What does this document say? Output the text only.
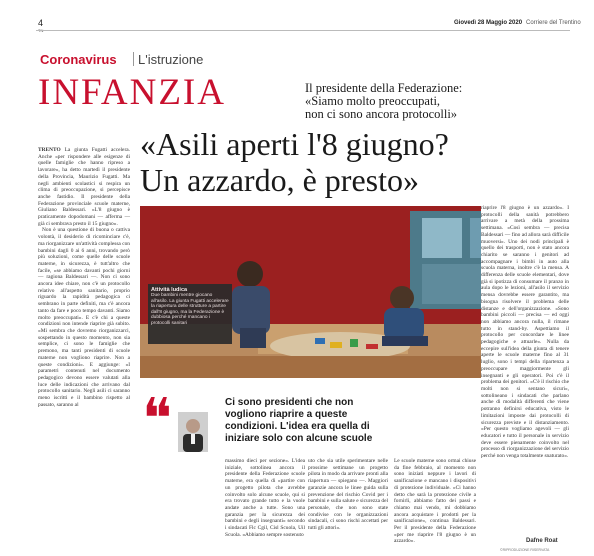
4	Giovedì 28 Maggio 2020 Corriere del Trentino
Coronavirus L'istruzione
INFANZIA	Il presidente della Federazione:
«Siamo molto preoccupati,
non ci sono ancora protocolli»
«Asili aperti l'8 giugno?
Un azzardo, è presto»

TRENTO La giunta Fugatti accelera. Anche «per rispondere alle esigenze di quelle famiglie che hanno ripreso a lavorare», ha detto martedì il presidente della Provincia, Maurizio Fugatti. Ma negli ambienti scolastici si respira un clima di preoccupazione, si percepisce anche fastidio. Il presidente della Federazione provinciale scuole materne, Giuliano Baldessari. «L'8 giugno è praticamente dopodomani — afferma — già ci sembrava presto il 15 giugno».

Non è una questione di buona o cattiva volontà, il desiderio di ricominciare c'è, ma riorganizzare un'attività complessa con bambini dagli 0 ai 6 anni, trovando però più soluzioni, come quelle delle scuole materne, in sicurezza, è tutt'altro che facile, «se abbiamo davanti pochi giorni — ragiona Baldessari —. Non ci sono ancora idee chiare, non c'è un protocollo relativo all'aspetto sanitario, proprio riguardo la rapidità pedagogica ci sembrano in parte definiti, ma c'è ancora tanto da fare e poco tempo davanti. Siamo molto preoccupati». E c'è chi a queste condizioni non intende riaprire già subito. «Mi sembra che dovremo riorganizzarci, sospettando in questo momento, non sia semplice, ci sono le famiglie che premono, ma tanti presidenti di scuole materne non vogliono riaprire. Non a queste condizioni». E aggiunge: «I parametri contenuti nel documento pedagogico devono essere valutati alla luce delle indicazioni che arrivano dal protocollo sanitario. Negli asili ci saranno meno iscritti e il bambino rispetto al passato, saranno al

Attività ludica
Due bambini mentre giocano all'asilo. La giunta Fugatti accelerare la riapertura delle strutture a partire dall'8 giugno, ma la Federazione è dubbiosa perché mancano i protocolli sanitari

riaprire l'8 giugno è un azzardo». I protocolli della sanità potrebbero arrivare a metà della prossima settimana. «Così sembra — precisa Baldessari — fino ad allora sarà difficile muoversi». Uno dei nodi principali è quello dei trasporti, non è stato ancora chiarito se saranno i genitori ad accompagnare i bimbi in auto alla scuola materna, inoltre c'è la mensa. A differenza delle scuole elementari, dove già si ipotizza di consumare il pranzo in aula dopo le lezioni, all'asilo il servizio mensa dovrebbe essere garantito, ma bisogna risolvere il problema delle distanze e dell'organizzazione. «Sono bambini piccoli — precisa — ed oggi non abbiamo ancora nulla, il rimane tutto in stand-by. Aspettiamo il protocollo per concordare le linee pedagogiche e attuarle». Nulla da eccepire sull'idea della giunta di tenere aperte le scuole materne fino al 31 luglio, sono i tempi della ripartenza a preoccupare maggiormente gli insegnanti e gli operatori. Poi c'è il problema dei genitori. «C'è il rischio che molti non si sentano sicuri», sottolineano i sindacati che parlano anche di modalità differenti che viene potranno definirsi educativa, visto le limitazioni imposte dai protocolli di sicurezza previste e il distanziamento. «Per questo vogliamo agevoli — gli educatori e tutto il personale in servizio deve essere pienamente coinvolto nel processo di riorganizzazione del servizio perché non venga totalmente snaturato».

Dafne Roat
❝	Ci sono presidenti che non
vogliono riaprire a queste
condizioni. L'idea era quella di
iniziare solo con alcune scuole

massimo dieci per sezione». L'idea iniziale, sottolinea ancora il presidente della Federazione scuole materne, era quella di «partire con un progetto pilota che avrebbe coinvolto solo alcune scuole, qui si era trovato grande tutto e la vuole andate anche a tutte. Sono una garanzia per la sicurezza dei bambini e degli insegnanti» secondo i sindacati Flc Cgil, Cisl Scuola, Uil Scuola. «Abbiamo sempre sostenuto

uto che sia utile sperimentare nelle prossime settimane un progetto pilota in modo da arrivare pronti alla riapertura — spiegano —. Maggiori garanzie ancora le linee guida sulla prevenzione del rischio Covid per i bambini e sulla salute e sicurezza del personale, che non sono state condivise con le organizzazioni sindacali, ci sono rischi accettati per tutti gli attori».

Le scuole materne sono ormai chiuse da fine febbraio, al momento non sono iniziati neppure i lavori di sanificazione e mancano i dispositivi di protezione individuale. «Ci hanno detto che sarà la protezione civile a fornirli, abbiamo fatto dei passi e chiamo mai vendo, mi dobbiamo ancora acquistare i prodotti per la sanificazione», continua Baldessari. Per il presidente della Federazione «per me riaprire l'8 giugno è un azzardo».

©RIPRODUZIONE RISERVATA
